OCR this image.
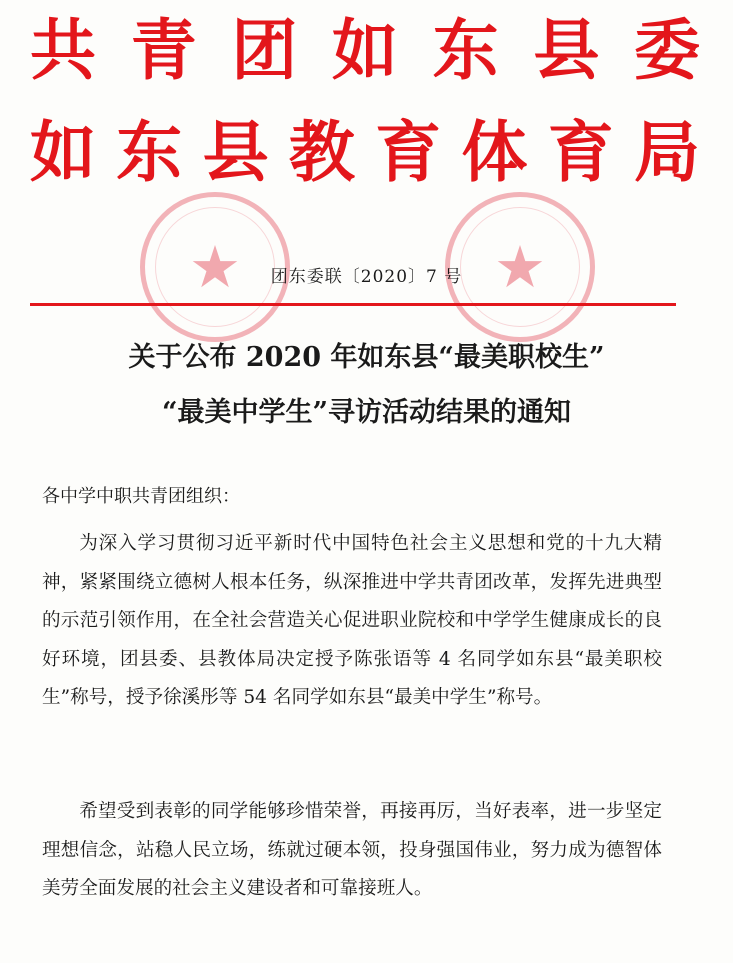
★	★
共青团如东县委
如东县教育体育局
团东委联〔2020〕7 号
关于公布 2020 年如东县“最美职校生”
“最美中学生”寻访活动结果的通知
各中学中职共青团组织：

为深入学习贯彻习近平新时代中国特色社会主义思想和党的十九大精神，紧紧围绕立德树人根本任务，纵深推进中学共青团改革，发挥先进典型的示范引领作用，在全社会营造关心促进职业院校和中学学生健康成长的良好环境，团县委、县教体局决定授予陈张语等 4 名同学如东县“最美职校生”称号，授予徐溪彤等 54 名同学如东县“最美中学生”称号。

希望受到表彰的同学能够珍惜荣誉，再接再厉，当好表率，进一步坚定理想信念，站稳人民立场，练就过硬本领，投身强国伟业，努力成为德智体美劳全面发展的社会主义建设者和可靠接班人。
